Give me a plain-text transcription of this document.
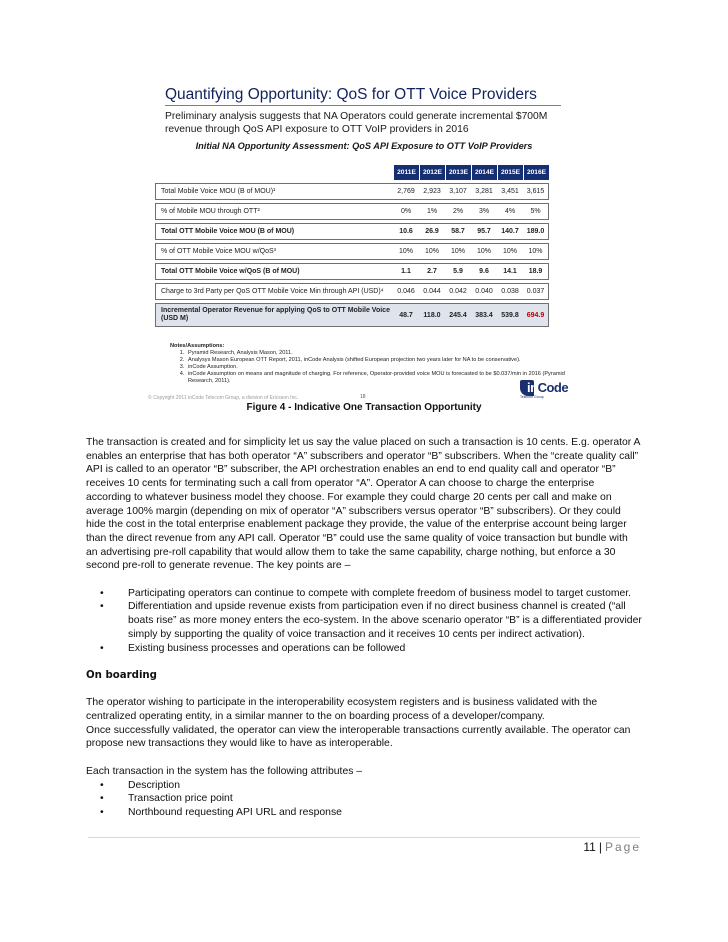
Quantifying Opportunity: QoS for OTT Voice Providers
Preliminary analysis suggests that NA Operators could generate incremental $700M revenue through QoS API exposure to OTT VoIP providers in 2016
Initial NA Opportunity Assessment: QoS API Exposure to OTT VoIP Providers
	2011E	2012E	2013E	2014E	2015E	2016E
Total Mobile Voice MOU (B of MOU)¹	2,769	2,923	3,107	3,281	3,451	3,615
% of Mobile MOU through OTT²	0%	1%	2%	3%	4%	5%
Total OTT Mobile Voice MOU (B of MOU)	10.6	26.9	58.7	95.7	140.7	189.0
% of OTT Mobile Voice MOU w/QoS³	10%	10%	10%	10%	10%	10%
Total OTT Mobile Voice w/QoS (B of MOU)	1.1	2.7	5.9	9.6	14.1	18.9
Charge to 3rd Party per QoS OTT Mobile Voice Min through API (USD)⁴	0.046	0.044	0.042	0.040	0.038	0.037
Incremental Operator Revenue for applying QoS to OTT Mobile Voice (USD M)	48.7	118.0	245.4	383.4	539.8	694.9
Notes/Assumptions:
1. Pyramid Research, Analysis Mason, 2011.
2. Analysys Mason European OTT Report, 2011, inCode Analysis (shifted European projection two years later for NA to be conservative).
3. inCode Assumption.
4. inCode Assumption on means and magnitude of charging. For reference, Operator-provided voice MOU is forecasted to be $0.037/min in 2016 (Pyramid Research, 2011).
© Copyright 2011 inCode Telecom Group, a division of Ericsson Inc.	18
inCode
Telecom Group

Figure 4 - Indicative One Transaction Opportunity

The transaction is created and for simplicity let us say the value placed on such a transaction is 10 cents. E.g. operator A enables an enterprise that has both operator “A” subscribers and operator “B” subscribers. When the “create quality call” API is called to an operator “B” subscriber, the API orchestration enables an end to end quality call and operator “B” receives 10 cents for terminating such a call from operator “A”. Operator A can choose to charge the enterprise according to whatever business model they choose. For example they could charge 20 cents per call and make on average 100% margin (depending on mix of operator “A” subscribers versus operator “B” subscribers). Or they could hide the cost in the total enterprise enablement package they provide, the value of the enterprise account being larger than the direct revenue from any API call. Operator “B” could use the same quality of voice transaction but bundle with an advertising pre-roll capability that would allow them to take the same capability, charge nothing, but enforce a 30 second pre-roll to generate revenue. The key points are –

• Participating operators can continue to compete with complete freedom of business model to target customer.
• Differentiation and upside revenue exists from participation even if no direct business channel is created (“all boats rise” as more money enters the eco-system. In the above scenario operator “B” is a differentiated provider simply by supporting the quality of voice transaction and it receives 10 cents per indirect activation).
• Existing business processes and operations can be followed
On boarding

The operator wishing to participate in the interoperability ecosystem registers and is business validated with the centralized operating entity, in a similar manner to the on boarding process of a developer/company.

Once successfully validated, the operator can view the interoperable transactions currently available. The operator can propose new transactions they would like to have as interoperable.

Each transaction in the system has the following attributes –

• Description
• Transaction price point
• Northbound requesting API URL and response
11 | Page
